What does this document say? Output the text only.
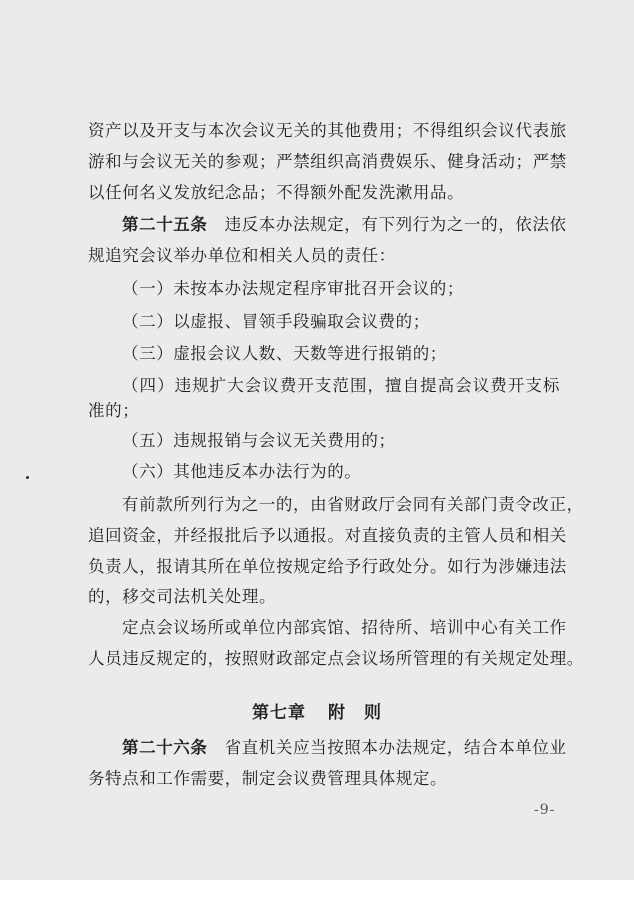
资产以及开支与本次会议无关的其他费用；不得组织会议代表旅
游和与会议无关的参观；严禁组织高消费娱乐、健身活动；严禁
以任何名义发放纪念品；不得额外配发洗漱用品。
第二十五条　违反本办法规定，有下列行为之一的，依法依
规追究会议举办单位和相关人员的责任：
（一）未按本办法规定程序审批召开会议的；
（二）以虚报、冒领手段骗取会议费的；
（三）虚报会议人数、天数等进行报销的；
（四）违规扩大会议费开支范围，擅自提高会议费开支标
准的；
（五）违规报销与会议无关费用的；
（六）其他违反本办法行为的。
有前款所列行为之一的，由省财政厅会同有关部门责令改正，
追回资金，并经报批后予以通报。对直接负责的主管人员和相关
负责人，报请其所在单位按规定给予行政处分。如行为涉嫌违法
的，移交司法机关处理。
定点会议场所或单位内部宾馆、招待所、培训中心有关工作
人员违反规定的，按照财政部定点会议场所管理的有关规定处理。
第二十六条　省直机关应当按照本办法规定，结合本单位业
务特点和工作需要，制定会议费管理具体规定。
第七章 附　则
-9-
